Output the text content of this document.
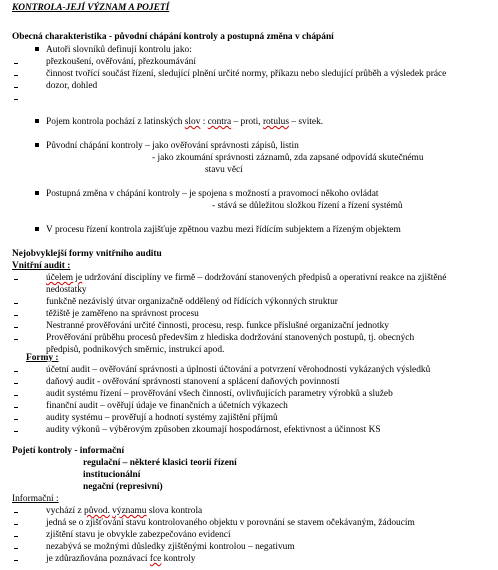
KONTROLA-JEJÍ VÝZNAM A POJETÍ
Obecná charakteristika - původní chápání kontroly a postupná změna v chápání
Autoři slovníků definují kontrolu jako:
přezkoušení, ověřování, přezkoumávání
činnost tvořící součást řízení, sledující plnění určité normy, příkazu nebo sledující průběh a výsledek práce
dozor, dohled
Pojem kontrola pochází z latinských slov : contra – proti, rotulus – svitek.
Původní chápání kontroly – jako ověřování správnosti zápisů, listin
- jako zkoumání správnosti záznamů, zda zapsané odpovídá skutečnému
stavu věcí
Postupná změna v chápání kontroly – je spojena s možností a pravomocí někoho ovládat
- stává se důležitou složkou řízení a řízení systémů
V procesu řízení kontrola zajišťuje zpětnou vazbu mezi řídícím subjektem a řízeným objektem
Nejobvyklejší formy vnitřního auditu
Vnitřní audit :
účelem je udržování disciplíny ve firmě – dodržování stanovených předpisů a operativní reakce na zjištěné
nedostatky
funkčně nezávislý útvar organizačně oddělený od řídících výkonných struktur
těžiště je zaměřeno na správnost procesu
Nestranné prověřování určité činnosti, procesu, resp. funkce příslušné organizační jednotky
Prověřování průběhu procesů především z hlediska dodržování stanovených postupů, tj. obecných
předpisů, podnikových směrnic, instrukcí apod.
Formy :
účetní audit – ověřování správnosti a úplnosti účtování a potvrzení věrohodnosti vykázaných výsledků
daňový audit - ověřování správnosti stanovení a splácení daňových povinností
audit systému řízení – prověřování všech činností, ovlivňujících parametry výrobků a služeb
finanční audit – ověřují údaje ve finančních a účetních výkazech
audity systému – prověřují a hodnotí systémy zajištění příjmů
audity výkonů – výběrovým způsoben zkoumají hospodárnost, efektivnost a účinnost KS
Pojetí kontroly - informační
regulační – některé klasici teorií řízení
institucionální
negační (represivní)
Informační :
vychází z původ. významu slova kontrola
jedná se o zjišťování stavu kontrolovaného objektu v porovnání se stavem očekávaným, žádoucím
zjištění stavu je obvykle zabezpečováno evidencí
nezabývá se možnými důsledky zjištěnými kontrolou – negativum
je zdůrazňována poznávací fce kontroly
